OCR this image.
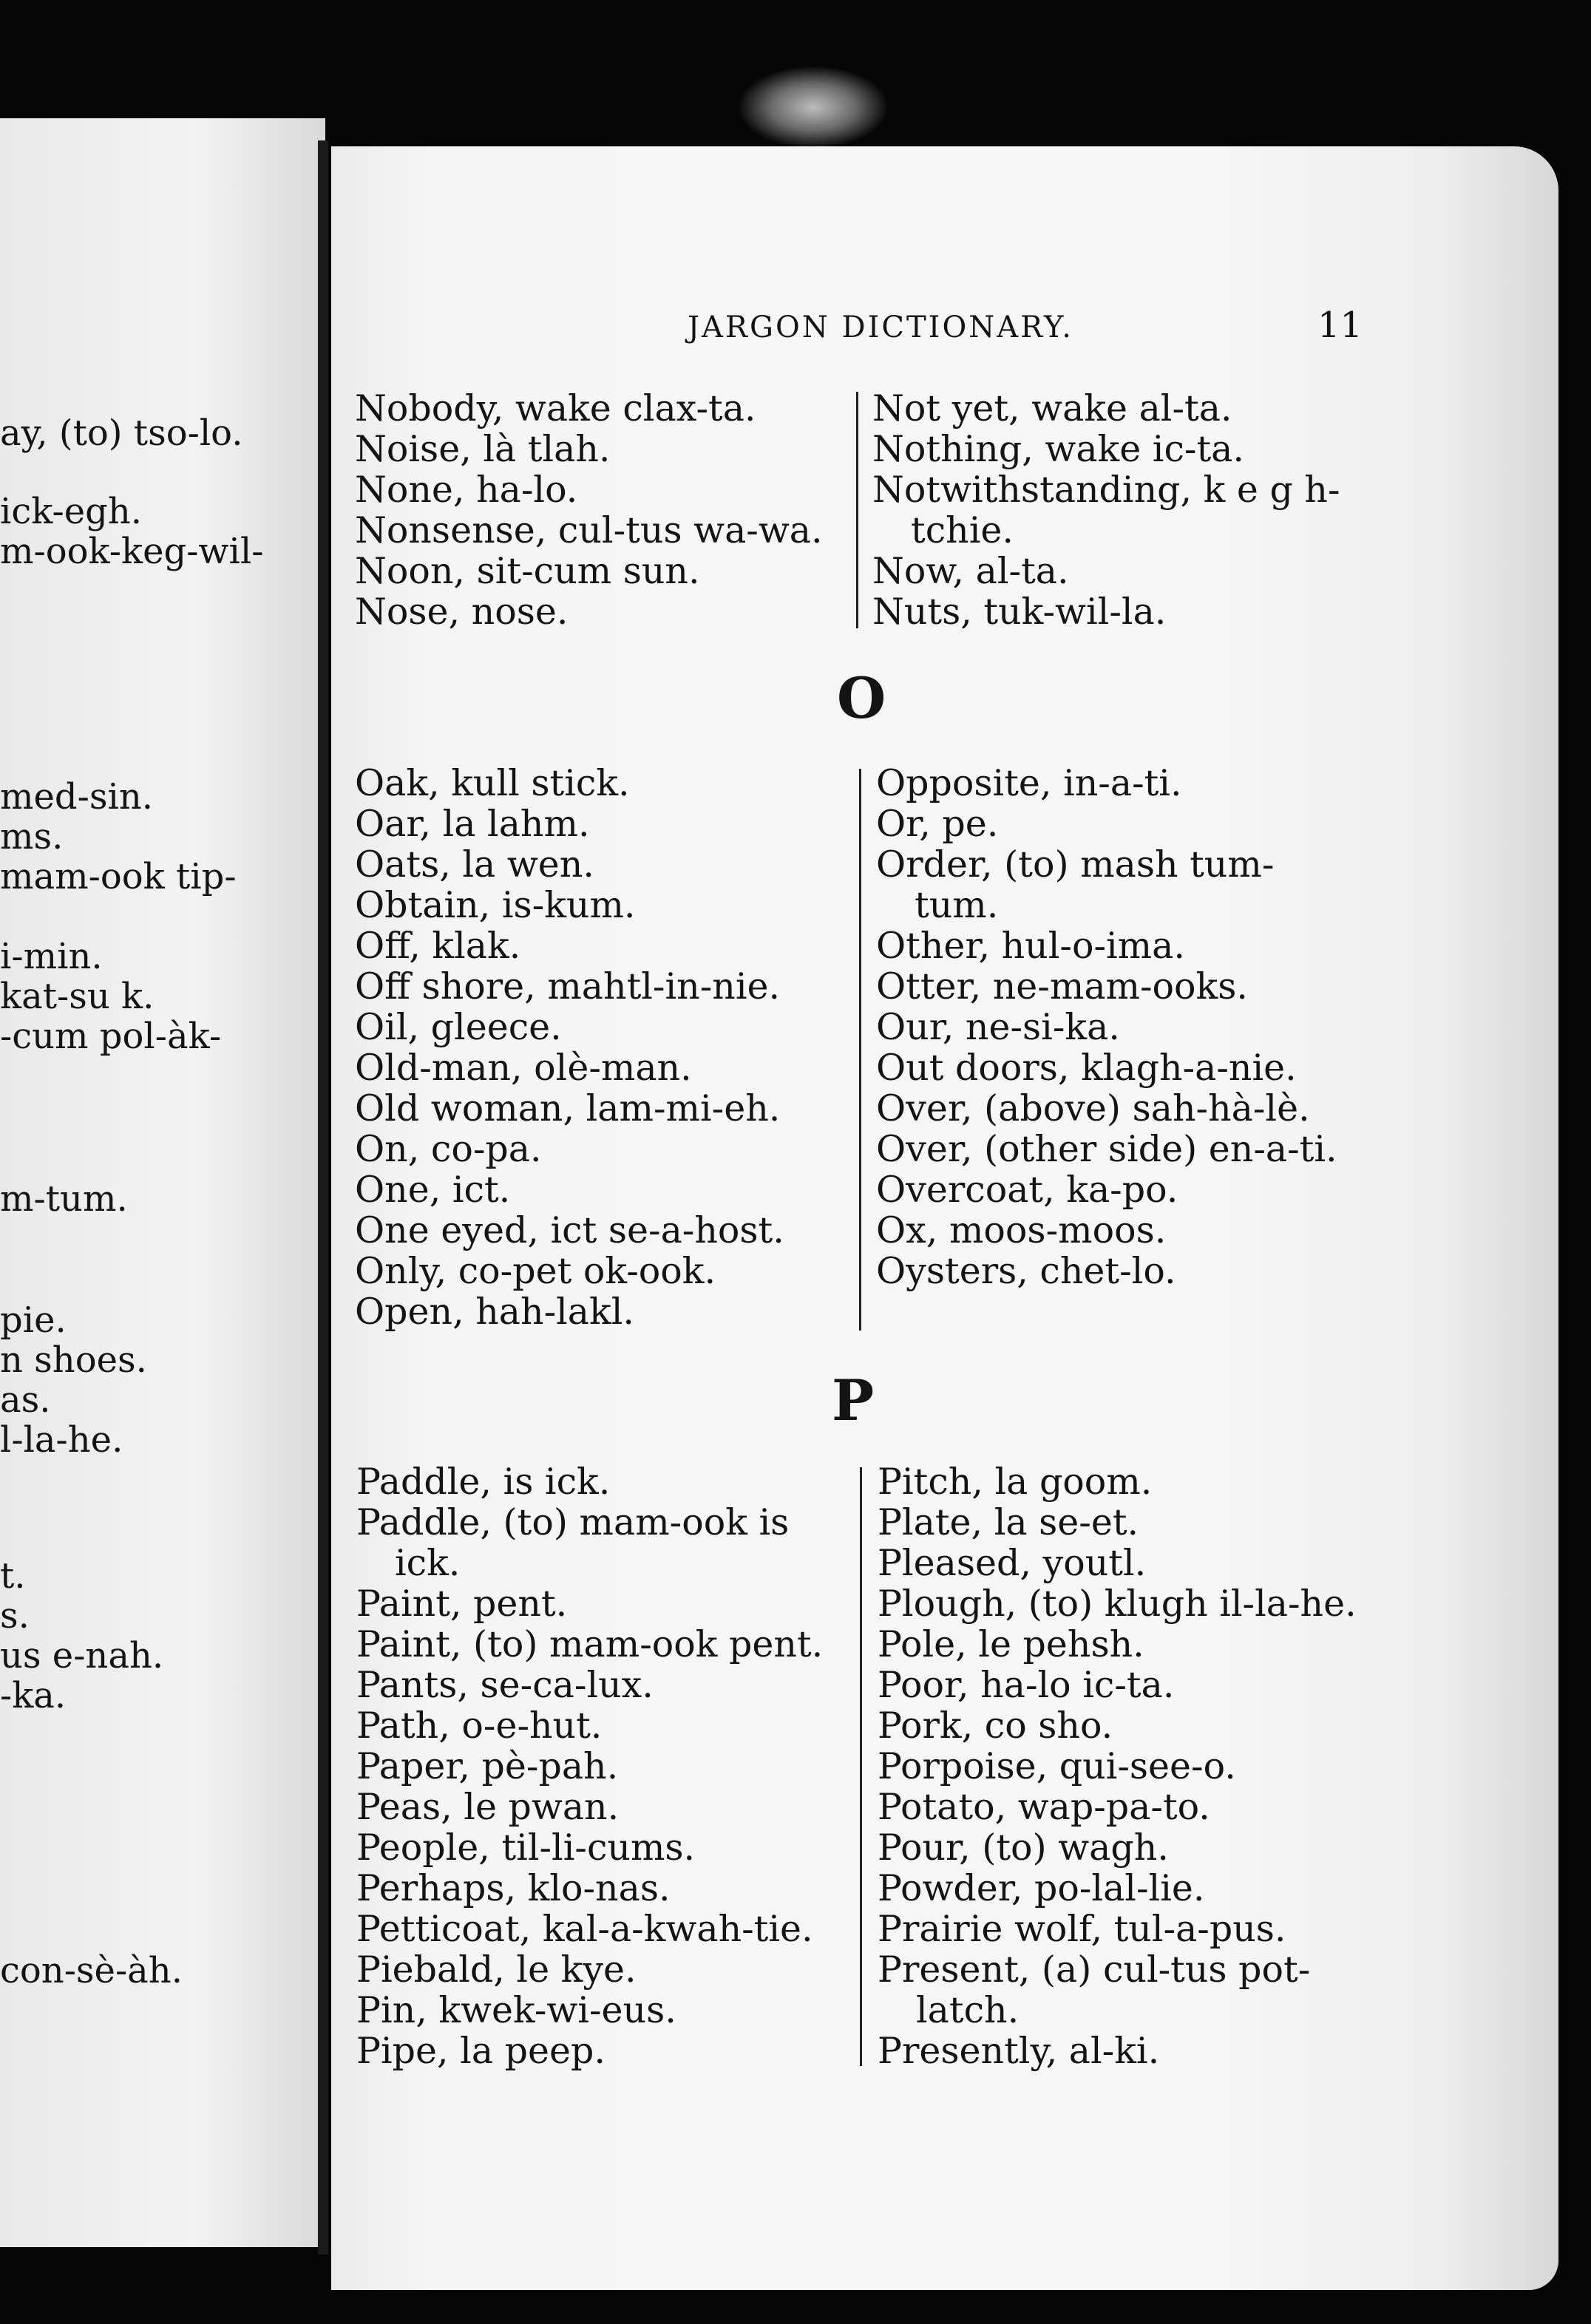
ay, (to) tso-lo.
ick-egh.
m-ook-keg-wil-
med-sin.
ms.
mam-ook tip-
i-min.
kat-su k.
-cum pol-àk-
m-tum.
pie.
n shoes.
as.
l-la-he.
t.
s.
us e-nah.
-ka.
con-sè-àh.
JARGON DICTIONARY.	11
Nobody, wake clax-ta.
Noise, là tlah.
None, ha-lo.
Nonsense, cul-tus wa-wa.
Noon, sit-cum sun.
Nose, nose.
Not yet, wake al-ta.
Nothing, wake ic-ta.
Notwithstanding, k e g h-
tchie.
Now, al-ta.
Nuts, tuk-wil-la.
O
Oak, kull stick.
Oar, la lahm.
Oats, la wen.
Obtain, is-kum.
Off, klak.
Off shore, mahtl-in-nie.
Oil, gleece.
Old-man, olè-man.
Old woman, lam-mi-eh.
On, co-pa.
One, ict.
One eyed, ict se-a-host.
Only, co-pet ok-ook.
Open, hah-lakl.
Opposite, in-a-ti.
Or, pe.
Order, (to) mash tum-
tum.
Other, hul-o-ima.
Otter, ne-mam-ooks.
Our, ne-si-ka.
Out doors, klagh-a-nie.
Over, (above) sah-hà-lè.
Over, (other side) en-a-ti.
Overcoat, ka-po.
Ox, moos-moos.
Oysters, chet-lo.
P
Paddle, is ick.
Paddle, (to) mam-ook is
ick.
Paint, pent.
Paint, (to) mam-ook pent.
Pants, se-ca-lux.
Path, o-e-hut.
Paper, pè-pah.
Peas, le pwan.
People, til-li-cums.
Perhaps, klo-nas.
Petticoat, kal-a-kwah-tie.
Piebald, le kye.
Pin, kwek-wi-eus.
Pipe, la peep.
Pitch, la goom.
Plate, la se-et.
Pleased, youtl.
Plough, (to) klugh il-la-he.
Pole, le pehsh.
Poor, ha-lo ic-ta.
Pork, co sho.
Porpoise, qui-see-o.
Potato, wap-pa-to.
Pour, (to) wagh.
Powder, po-lal-lie.
Prairie wolf, tul-a-pus.
Present, (a) cul-tus pot-
latch.
Presently, al-ki.
